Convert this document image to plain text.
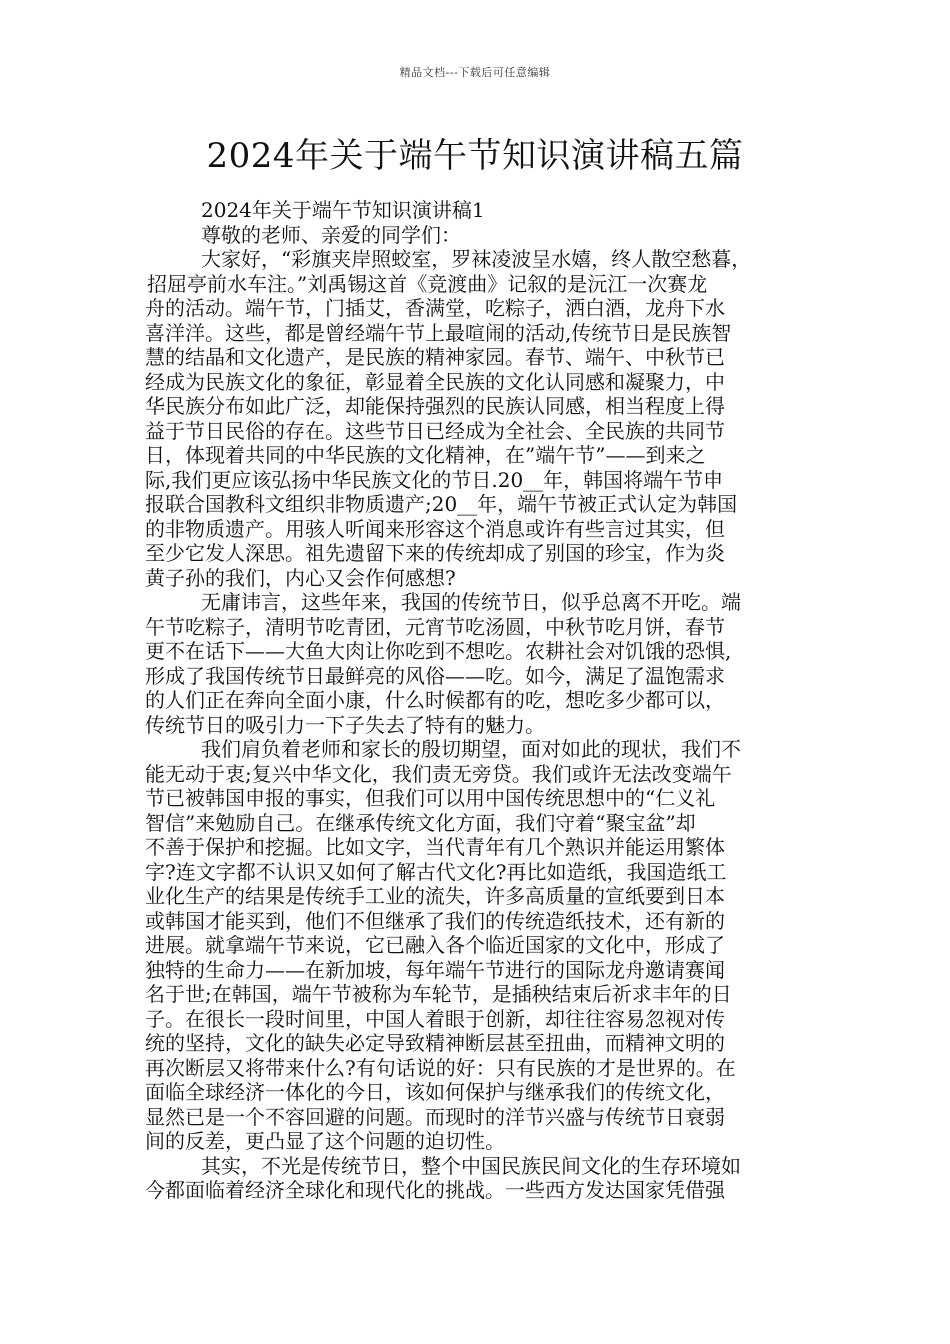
精品文档---下载后可任意编辑
2024年关于端午节知识演讲稿五篇
2024年关于端午节知识演讲稿1
尊敬的老师、亲爱的同学们：
大家好，“彩旗夹岸照蛟室，罗袜凌波呈水嬉，终人散空愁暮，
招屈亭前水车注。”刘禹锡这首《竞渡曲》记叙的是沅江一次赛龙
舟的活动。端午节，门插艾，香满堂，吃粽子，洒白酒，龙舟下水
喜洋洋。这些，都是曾经端午节上最喧闹的活动,传统节日是民族智
慧的结晶和文化遗产，是民族的精神家园。春节、端午、中秋节已
经成为民族文化的象征，彰显着全民族的文化认同感和凝聚力，中
华民族分布如此广泛，却能保持强烈的民族认同感，相当程度上得
益于节日民俗的存在。这些节日已经成为全社会、全民族的共同节
日，体现着共同的中华民族的文化精神，在”端午节”——到来之
际,我们更应该弘扬中华民族文化的节日.20__年，韩国将端午节申
报联合国教科文组织非物质遗产;20__年，端午节被正式认定为韩国
的非物质遗产。用骇人听闻来形容这个消息或许有些言过其实，但
至少它发人深思。祖先遗留下来的传统却成了别国的珍宝，作为炎
黄子孙的我们，内心又会作何感想?
无庸讳言，这些年来，我国的传统节日，似乎总离不开吃。端
午节吃粽子，清明节吃青团，元宵节吃汤圆，中秋节吃月饼，春节
更不在话下——大鱼大肉让你吃到不想吃。农耕社会对饥饿的恐惧,
形成了我国传统节日最鲜亮的风俗——吃。如今，满足了温饱需求
的人们正在奔向全面小康，什么时候都有的吃，想吃多少都可以，
传统节日的吸引力一下子失去了特有的魅力。
我们肩负着老师和家长的殷切期望，面对如此的现状，我们不
能无动于衷;复兴中华文化，我们责无旁贷。我们或许无法改变端午
节已被韩国申报的事实，但我们可以用中国传统思想中的“仁义礼
智信”来勉励自己。在继承传统文化方面，我们守着“聚宝盆”却
不善于保护和挖掘。比如文字，当代青年有几个熟识并能运用繁体
字?连文字都不认识又如何了解古代文化?再比如造纸，我国造纸工
业化生产的结果是传统手工业的流失，许多高质量的宣纸要到日本
或韩国才能买到，他们不但继承了我们的传统造纸技术，还有新的
进展。就拿端午节来说，它已融入各个临近国家的文化中，形成了
独特的生命力——在新加坡，每年端午节进行的国际龙舟邀请赛闻
名于世;在韩国，端午节被称为车轮节，是插秧结束后祈求丰年的日
子。在很长一段时间里，中国人着眼于创新，却往往容易忽视对传
统的坚持，文化的缺失必定导致精神断层甚至扭曲，而精神文明的
再次断层又将带来什么?有句话说的好：只有民族的才是世界的。在
面临全球经济一体化的今日，该如何保护与继承我们的传统文化，
显然已是一个不容回避的问题。而现时的洋节兴盛与传统节日衰弱
间的反差，更凸显了这个问题的迫切性。
其实，不光是传统节日，整个中国民族民间文化的生存环境如
今都面临着经济全球化和现代化的挑战。一些西方发达国家凭借强
